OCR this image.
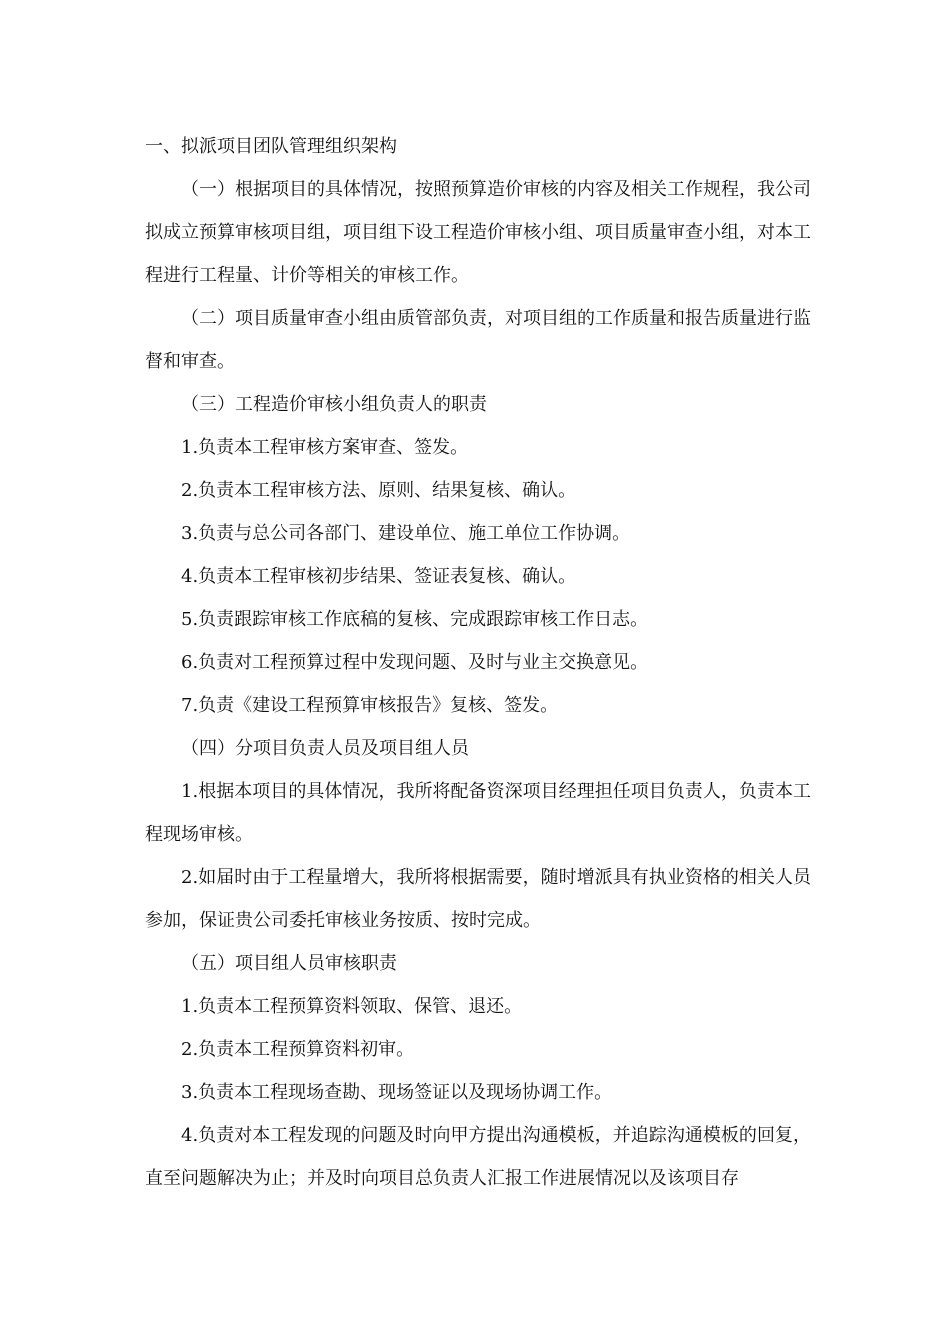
一、拟派项目团队管理组织架构

（一）根据项目的具体情况，按照预算造价审核的内容及相关工作规程，我公司拟成立预算审核项目组，项目组下设工程造价审核小组、项目质量审查小组，对本工程进行工程量、计价等相关的审核工作。

（二）项目质量审查小组由质管部负责，对项目组的工作质量和报告质量进行监督和审查。

（三）工程造价审核小组负责人的职责

1.负责本工程审核方案审查、签发。

2.负责本工程审核方法、原则、结果复核、确认。

3.负责与总公司各部门、建设单位、施工单位工作协调。

4.负责本工程审核初步结果、签证表复核、确认。

5.负责跟踪审核工作底稿的复核、完成跟踪审核工作日志。

6.负责对工程预算过程中发现问题、及时与业主交换意见。

7.负责《建设工程预算审核报告》复核、签发。

（四）分项目负责人员及项目组人员

1.根据本项目的具体情况，我所将配备资深项目经理担任项目负责人，负责本工程现场审核。

2.如届时由于工程量增大，我所将根据需要，随时增派具有执业资格的相关人员参加，保证贵公司委托审核业务按质、按时完成。

（五）项目组人员审核职责

1.负责本工程预算资料领取、保管、退还。

2.负责本工程预算资料初审。

3.负责本工程现场查勘、现场签证以及现场协调工作。

4.负责对本工程发现的问题及时向甲方提出沟通模板，并追踪沟通模板的回复，直至问题解决为止；并及时向项目总负责人汇报工作进展情况以及该项目存
